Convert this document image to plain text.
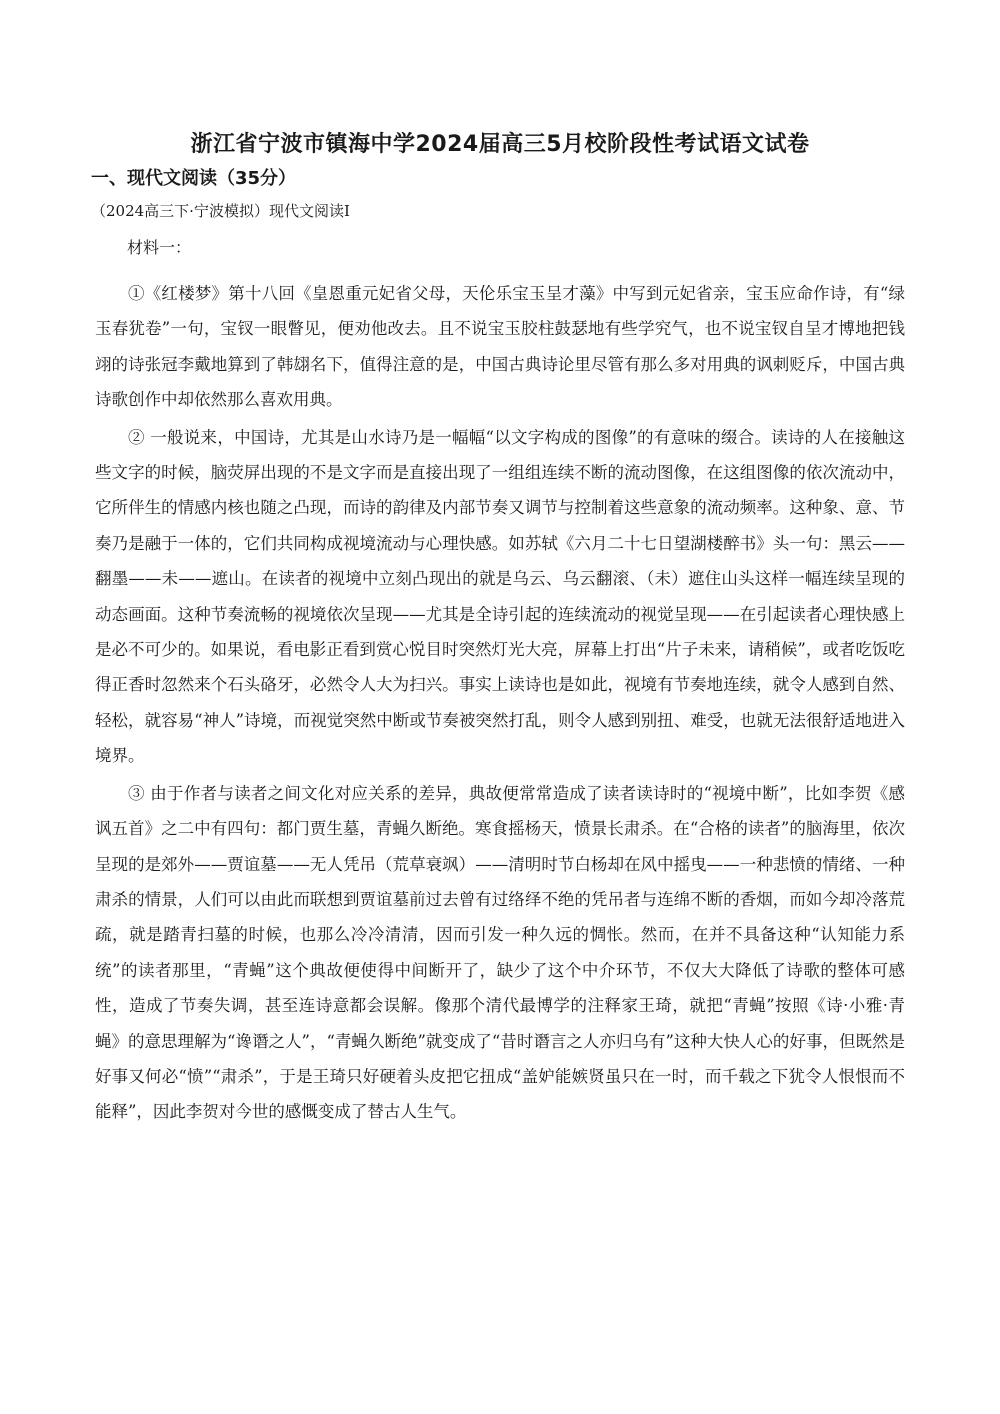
浙江省宁波市镇海中学2024届高三5月校阶段性考试语文试卷
一、现代文阅读（35分）
（2024高三下·宁波模拟）现代文阅读Ⅰ
材料一：

①《红楼梦》第十八回《皇恩重元妃省父母，天伦乐宝玉呈才藻》中写到元妃省亲，宝玉应命作诗，有“绿玉春犹卷”一句，宝钗一眼瞥见，便劝他改去。且不说宝玉胶柱鼓瑟地有些学究气，也不说宝钗自呈才博地把钱翊的诗张冠李戴地算到了韩翃名下，值得注意的是，中国古典诗论里尽管有那么多对用典的讽刺贬斥，中国古典诗歌创作中却依然那么喜欢用典。

② 一般说来，中国诗，尤其是山水诗乃是一幅幅“以文字构成的图像”的有意味的缀合。读诗的人在接触这些文字的时候，脑荧屏出现的不是文字而是直接出现了一组组连续不断的流动图像，在这组图像的依次流动中，它所伴生的情感内核也随之凸现，而诗的韵律及内部节奏又调节与控制着这些意象的流动频率。这种象、意、节奏乃是融于一体的，它们共同构成视境流动与心理快感。如苏轼《六月二十七日望湖楼醉书》头一句：黑云——翻墨——未——遮山。在读者的视境中立刻凸现出的就是乌云、乌云翻滚、（未）遮住山头这样一幅连续呈现的动态画面。这种节奏流畅的视境依次呈现——尤其是全诗引起的连续流动的视觉呈现——在引起读者心理快感上是必不可少的。如果说，看电影正看到赏心悦目时突然灯光大亮，屏幕上打出“片子未来，请稍候”，或者吃饭吃得正香时忽然来个石头硌牙，必然令人大为扫兴。事实上读诗也是如此，视境有节奏地连续，就令人感到自然、轻松，就容易“神人”诗境，而视觉突然中断或节奏被突然打乱，则令人感到别扭、难受，也就无法很舒适地进入境界。

③ 由于作者与读者之间文化对应关系的差异，典故便常常造成了读者读诗时的“视境中断”，比如李贺《感讽五首》之二中有四句：都门贾生墓，青蝇久断绝。寒食摇杨天，愤景长肃杀。在“合格的读者”的脑海里，依次呈现的是郊外——贾谊墓——无人凭吊（荒草衰飒）——清明时节白杨却在风中摇曳——一种悲愤的情绪、一种肃杀的情景，人们可以由此而联想到贾谊墓前过去曾有过络绎不绝的凭吊者与连绵不断的香烟，而如今却冷落荒疏，就是踏青扫墓的时候，也那么冷冷清清，因而引发一种久远的惆怅。然而，在并不具备这种“认知能力系统”的读者那里，“青蝇”这个典故便使得中间断开了，缺少了这个中介环节，不仅大大降低了诗歌的整体可感性，造成了节奏失调，甚至连诗意都会误解。像那个清代最博学的注释家王琦，就把“青蝇”按照《诗·小雅·青蝇》的意思理解为“谗谮之人”，“青蝇久断绝”就变成了“昔时谮言之人亦归乌有”这种大快人心的好事，但既然是好事又何必“愤”“肃杀”，于是王琦只好硬着头皮把它扭成“盖妒能嫉贤虽只在一时，而千载之下犹令人恨恨而不能释”，因此李贺对今世的感慨变成了替古人生气。
